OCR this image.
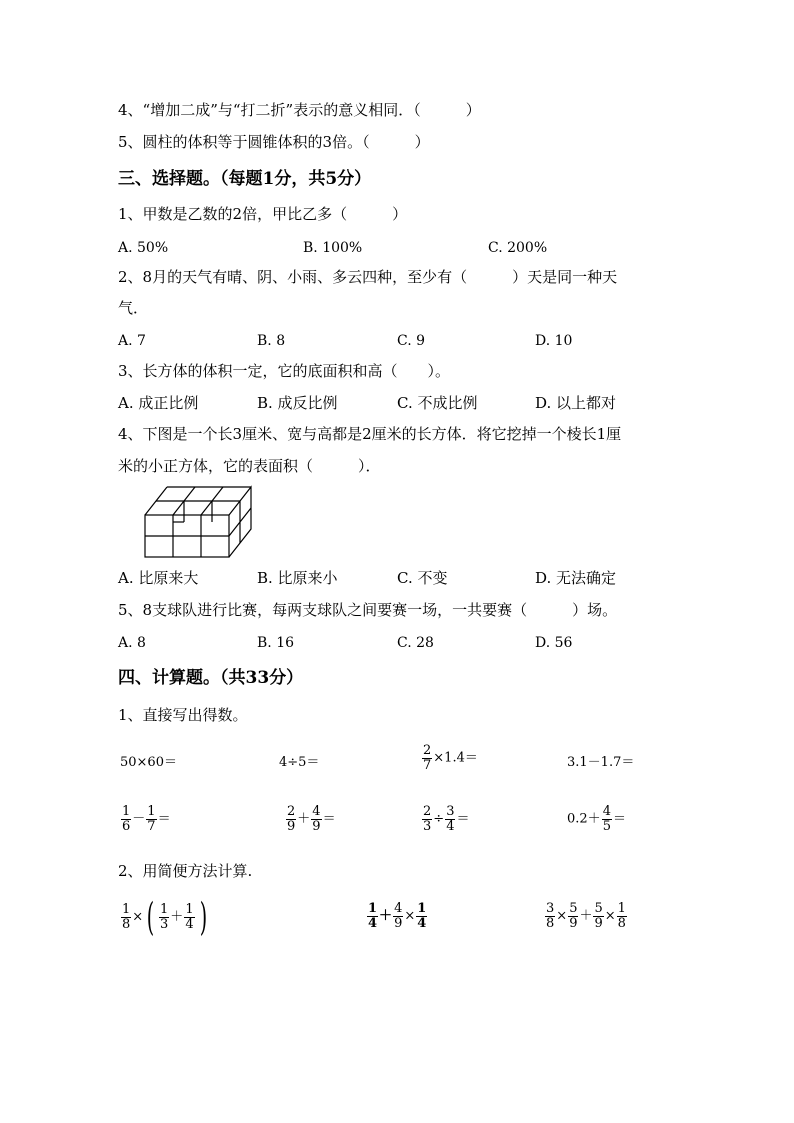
4、“增加二成”与“打二折”表示的意义相同．（　　　）
5、圆柱的体积等于圆锥体积的3倍。（　　　）
三、选择题。（每题1分，共5分）
1、甲数是乙数的2倍，甲比乙多（　　　）
A. 50%	B. 100%	C. 200%
2、8月的天气有晴、阴、小雨、多云四种，至少有（　　　）天是同一种天
气．
A. 7	B. 8	C. 9	D. 10
3、长方体的体积一定，它的底面积和高（　　）。
A. 成正比例	B. 成反比例	C. 不成比例	D. 以上都对
4、下图是一个长3厘米、宽与高都是2厘米的长方体．将它挖掉一个棱长1厘
米的小正方体，它的表面积（　　　）．
A. 比原来大	B. 比原来小	C. 不变	D. 无法确定
5、8支球队进行比赛，每两支球队之间要赛一场，一共要赛（　　　）场。
A. 8	B. 16	C. 28	D. 56
四、计算题。（共33分）
1、直接写出得数。
50×60＝	4÷5＝	$\frac{2}{7} \times 1.4=$	3.1－1.7＝
$\frac{1}{6} - \frac{1}{7}$ ＝	$\frac{2}{9} + \frac{4}{9}$ ＝	$\frac{2}{3} \div \frac{3}{4}$ ＝	$0.2+ \frac{4}{5}$ ＝
2、用简便方法计算.
$\frac{1}{8}$ ×( $\frac{1}{3} + \frac{1}{4}$ )	$\frac{1}{4} + \frac{4}{9} \times \frac{1}{4}$	$\frac{3}{8} \times \frac{5}{9} + \frac{5}{9} \times \frac{1}{8}$
